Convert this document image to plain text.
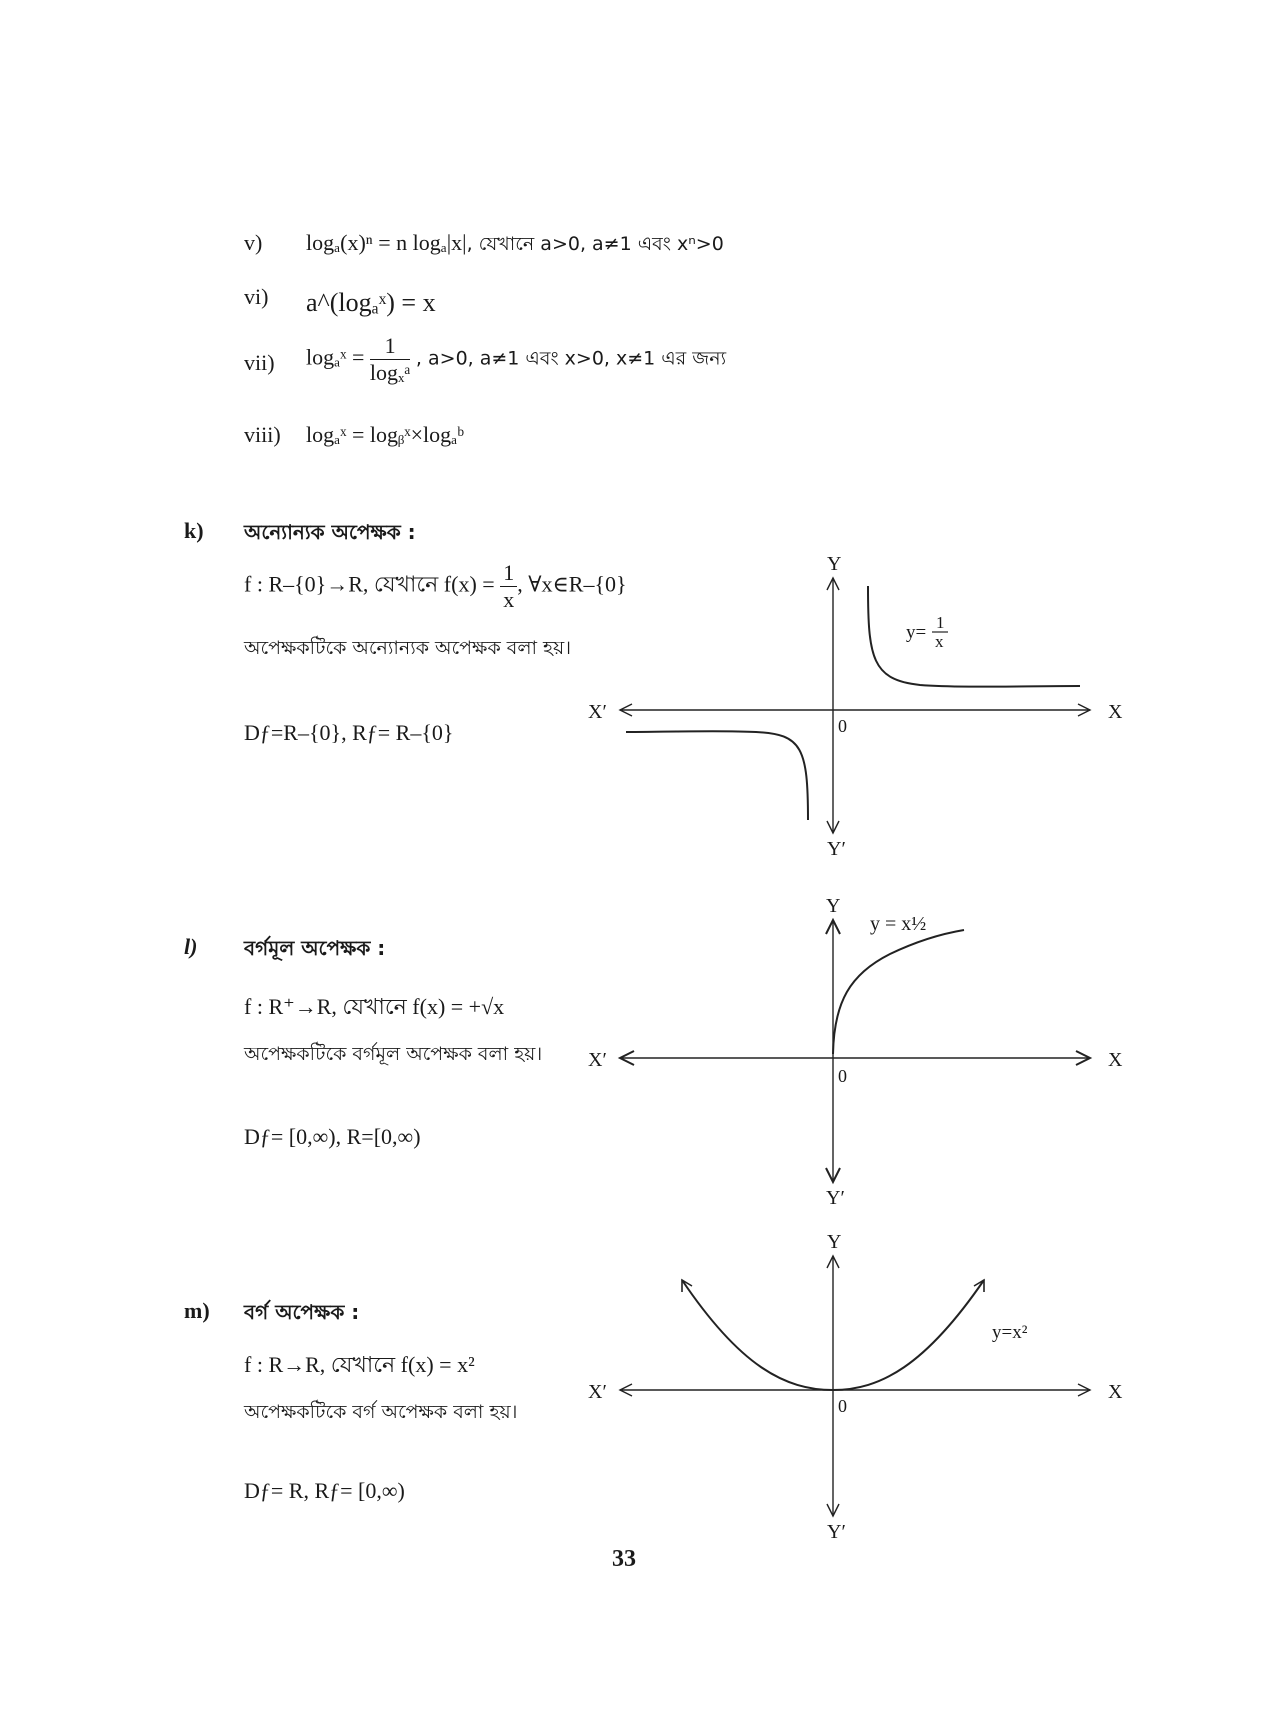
v) logₐ(x)ⁿ = n logₐ|x|, যেখানে a>0, a≠1 এবং xⁿ>0
vi) a^(logₐˣ) = x
vii) logₐˣ = $\frac{1}{\text{logₓᵃ}}$ , a>0, a≠1 এবং x>0, x≠1 এর জন্য
viii) logₐˣ = logᵦˣ×logₐᵇ
k) অন্যোন্যক অপেক্ষক :
f : R–{0}→R, যেখানে $f(x) = \frac{1}{x}$ , ∀x∈R–{0}
অপেক্ষকটিকে অন্যোন্যক অপেক্ষক বলা হয়।
Dƒ=R–{0}, Rƒ= R–{0}
Y
Y′
X′	X
0
y= 1
x
l) বর্গমূল অপেক্ষক :
f : R⁺→R, যেখানে f(x) = +√x
অপেক্ষকটিকে বর্গমূল অপেক্ষক বলা হয়।
Dƒ= [0,∞), R=[0,∞)
Y
Y′
X′	X
0
y = x½
m) বর্গ অপেক্ষক :
f : R→R, যেখানে f(x) = x²
অপেক্ষকটিকে বর্গ অপেক্ষক বলা হয়।
Dƒ= R, Rƒ= [0,∞)
Y
Y′
X′	X
0
y=x²
33
